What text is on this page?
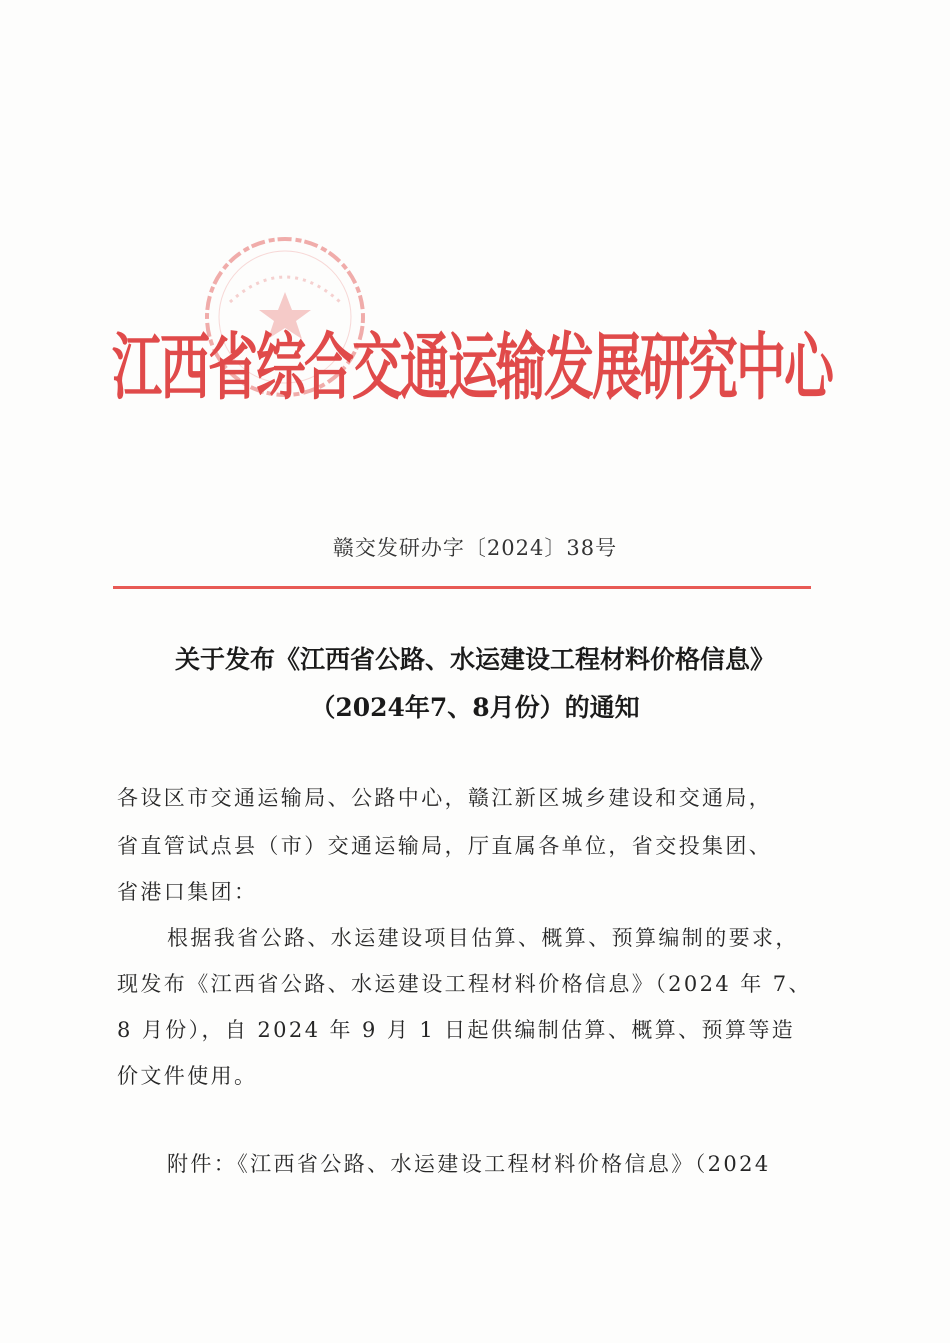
江西省综合交通运输发展研究中心
赣交发研办字〔2024〕38号
关于发布《江西省公路、水运建设工程材料价格信息》
（2024年7、8月份）的通知
各设区市交通运输局、公路中心，赣江新区城乡建设和交通局，
省直管试点县（市）交通运输局，厅直属各单位，省交投集团、
省港口集团：
根据我省公路、水运建设项目估算、概算、预算编制的要求，
现发布《江西省公路、水运建设工程材料价格信息》（2024 年 7、
8 月份），自 2024 年 9 月 1 日起供编制估算、概算、预算等造
价文件使用。
附件：《江西省公路、水运建设工程材料价格信息》（2024
